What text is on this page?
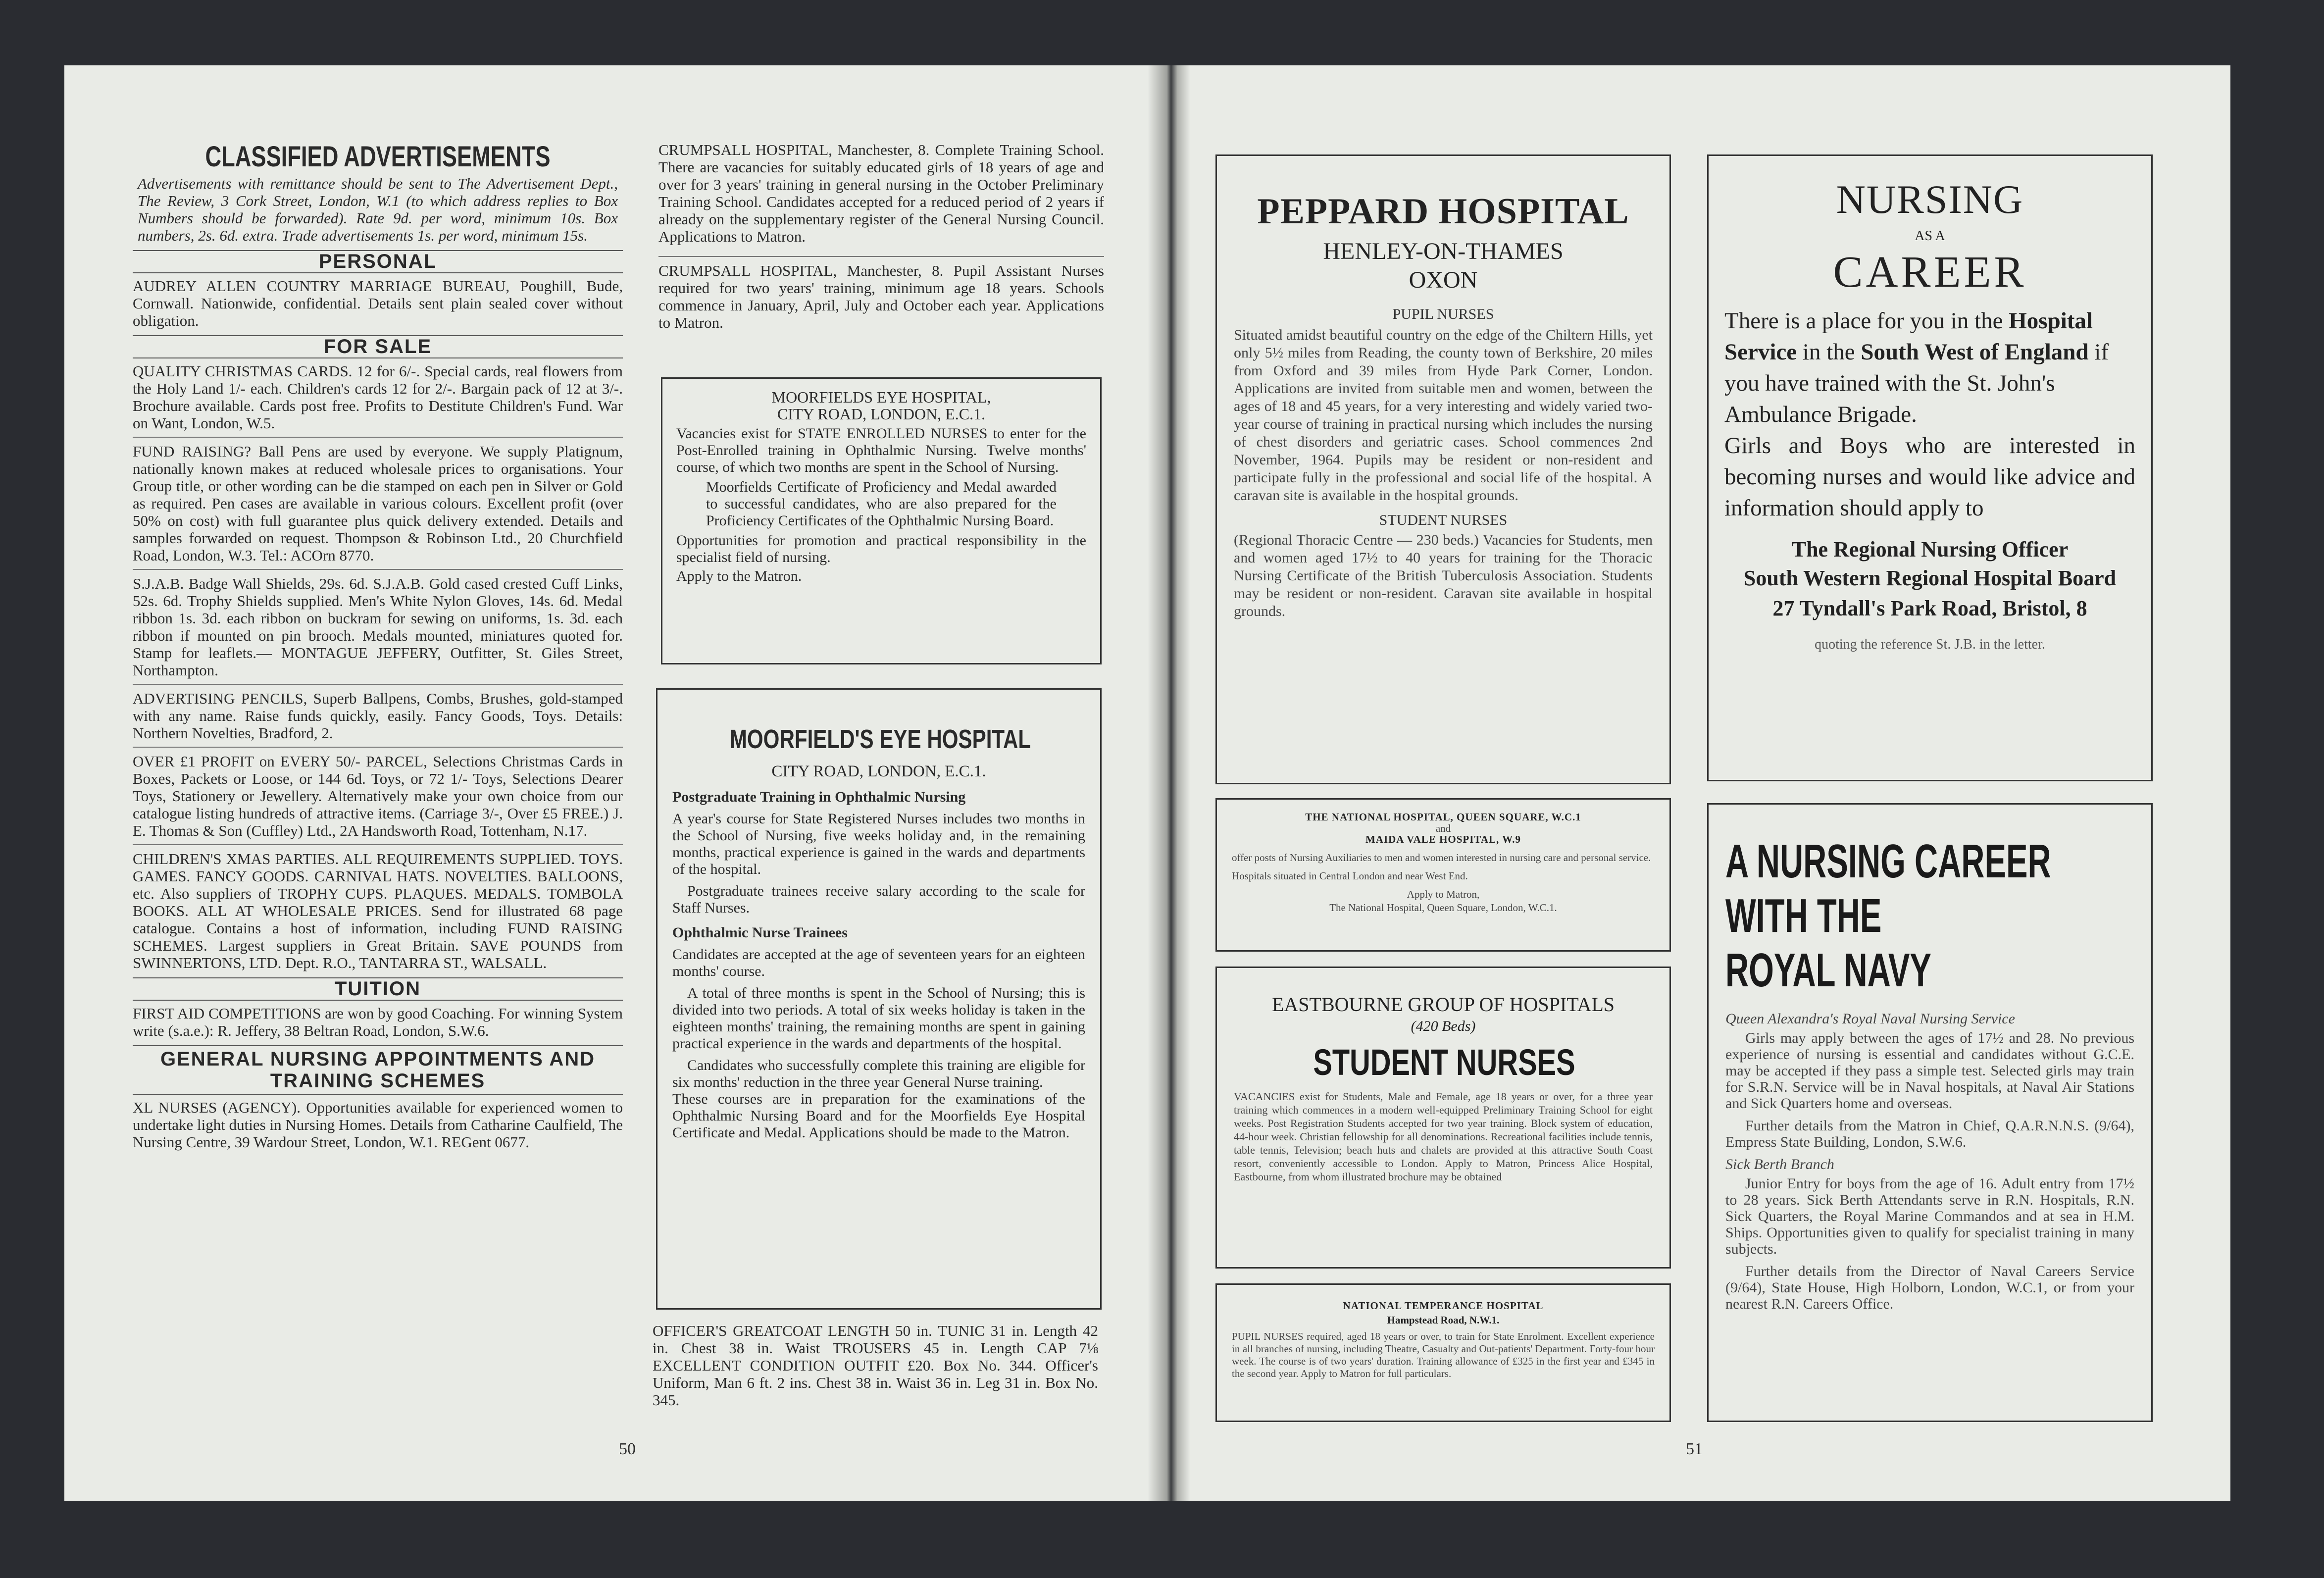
CLASSIFIED ADVERTISEMENTS

Advertisements with remittance should be sent to The Advertisement Dept., The Review, 3 Cork Street, London, W.1 (to which address replies to Box Numbers should be forwarded). Rate 9d. per word, minimum 10s. Box numbers, 2s. 6d. extra. Trade advertisements 1s. per word, minimum 15s.

PERSONAL

AUDREY ALLEN COUNTRY MARRIAGE BUREAU, Poughill, Bude, Cornwall. Nationwide, confidential. Details sent plain sealed cover without obligation.

FOR SALE

QUALITY CHRISTMAS CARDS. 12 for 6/-. Special cards, real flowers from the Holy Land 1/- each. Children's cards 12 for 2/-. Bargain pack of 12 at 3/-. Brochure available. Cards post free. Profits to Destitute Children's Fund. War on Want, London, W.5.

FUND RAISING? Ball Pens are used by everyone. We supply Platignum, nationally known makes at reduced wholesale prices to organisations. Your Group title, or other wording can be die stamped on each pen in Silver or Gold as required. Pen cases are available in various colours. Excellent profit (over 50% on cost) with full guarantee plus quick delivery extended. Details and samples forwarded on request. Thompson & Robinson Ltd., 20 Churchfield Road, London, W.3. Tel.: ACOrn 8770.

S.J.A.B. Badge Wall Shields, 29s. 6d. S.J.A.B. Gold cased crested Cuff Links, 52s. 6d. Trophy Shields supplied. Men's White Nylon Gloves, 14s. 6d. Medal ribbon 1s. 3d. each ribbon on buckram for sewing on uniforms, 1s. 3d. each ribbon if mounted on pin brooch. Medals mounted, miniatures quoted for. Stamp for leaflets.— MONTAGUE JEFFERY, Outfitter, St. Giles Street, Northampton.

ADVERTISING PENCILS, Superb Ballpens, Combs, Brushes, gold-stamped with any name. Raise funds quickly, easily. Fancy Goods, Toys. Details: Northern Novelties, Bradford, 2.

OVER £1 PROFIT on EVERY 50/- PARCEL, Selections Christmas Cards in Boxes, Packets or Loose, or 144 6d. Toys, or 72 1/- Toys, Selections Dearer Toys, Stationery or Jewellery. Alternatively make your own choice from our catalogue listing hundreds of attractive items. (Carriage 3/-, Over £5 FREE.) J. E. Thomas & Son (Cuffley) Ltd., 2A Handsworth Road, Tottenham, N.17.

CHILDREN'S XMAS PARTIES. ALL REQUIREMENTS SUPPLIED. TOYS. GAMES. FANCY GOODS. CARNIVAL HATS. NOVELTIES. BALLOONS, etc. Also suppliers of TROPHY CUPS. PLAQUES. MEDALS. TOMBOLA BOOKS. ALL AT WHOLESALE PRICES. Send for illustrated 68 page catalogue. Contains a host of information, including FUND RAISING SCHEMES. Largest suppliers in Great Britain. SAVE POUNDS from SWINNERTONS, LTD. Dept. R.O., TANTARRA ST., WALSALL.

TUITION

FIRST AID COMPETITIONS are won by good Coaching. For winning System write (s.a.e.): R. Jeffery, 38 Beltran Road, London, S.W.6.

GENERAL NURSING APPOINTMENTS AND TRAINING SCHEMES

XL NURSES (AGENCY). Opportunities available for experienced women to undertake light duties in Nursing Homes. Details from Catharine Caulfield, The Nursing Centre, 39 Wardour Street, London, W.1. REGent 0677.

CRUMPSALL HOSPITAL, Manchester, 8. Complete Training School. There are vacancies for suitably educated girls of 18 years of age and over for 3 years' training in general nursing in the October Preliminary Training School. Candidates accepted for a reduced period of 2 years if already on the supplementary register of the General Nursing Council. Applications to Matron.

CRUMPSALL HOSPITAL, Manchester, 8. Pupil Assistant Nurses required for two years' training, minimum age 18 years. Schools commence in January, April, July and October each year. Applications to Matron.

MOORFIELDS EYE HOSPITAL,

CITY ROAD, LONDON, E.C.1.

Vacancies exist for STATE ENROLLED NURSES to enter for the Post-Enrolled training in Ophthalmic Nursing. Twelve months' course, of which two months are spent in the School of Nursing.

Moorfields Certificate of Proficiency and Medal awarded to successful candidates, who are also prepared for the Proficiency Certificates of the Ophthalmic Nursing Board.

Opportunities for promotion and practical responsibility in the specialist field of nursing.

Apply to the Matron.

MOORFIELD'S EYE HOSPITAL

CITY ROAD, LONDON, E.C.1.

Postgraduate Training in Ophthalmic Nursing

A year's course for State Registered Nurses includes two months in the School of Nursing, five weeks holiday and, in the remaining months, practical experience is gained in the wards and departments of the hospital.

Postgraduate trainees receive salary according to the scale for Staff Nurses.

Ophthalmic Nurse Trainees

Candidates are accepted at the age of seventeen years for an eighteen months' course.

A total of three months is spent in the School of Nursing; this is divided into two periods. A total of six weeks holiday is taken in the eighteen months' training, the remaining months are spent in gaining practical experience in the wards and departments of the hospital.

Candidates who successfully complete this training are eligible for six months' reduction in the three year General Nurse training.

These courses are in preparation for the examinations of the Ophthalmic Nursing Board and for the Moorfields Eye Hospital Certificate and Medal. Applications should be made to the Matron.

OFFICER'S GREATCOAT LENGTH 50 in. TUNIC 31 in. Length 42 in. Chest 38 in. Waist TROUSERS 45 in. Length CAP 7⅛ EXCELLENT CONDITION OUTFIT £20. Box No. 344. Officer's Uniform, Man 6 ft. 2 ins. Chest 38 in. Waist 36 in. Leg 31 in. Box No. 345.

50

PEPPARD HOSPITAL

HENLEY-ON-THAMES

OXON

PUPIL NURSES

Situated amidst beautiful country on the edge of the Chiltern Hills, yet only 5½ miles from Reading, the county town of Berkshire, 20 miles from Oxford and 39 miles from Hyde Park Corner, London. Applications are invited from suitable men and women, between the ages of 18 and 45 years, for a very interesting and widely varied two-year course of training in practical nursing which includes the nursing of chest disorders and geriatric cases. School commences 2nd November, 1964. Pupils may be resident or non-resident and participate fully in the professional and social life of the hospital. A caravan site is available in the hospital grounds.

STUDENT NURSES

(Regional Thoracic Centre — 230 beds.) Vacancies for Students, men and women aged 17½ to 40 years for training for the Thoracic Nursing Certificate of the British Tuberculosis Association. Students may be resident or non-resident. Caravan site available in hospital grounds.

THE NATIONAL HOSPITAL, QUEEN SQUARE, W.C.1

and

MAIDA VALE HOSPITAL, W.9

offer posts of Nursing Auxiliaries to men and women interested in nursing care and personal service.

Hospitals situated in Central London and near West End.

Apply to Matron,

The National Hospital, Queen Square, London, W.C.1.

EASTBOURNE GROUP OF HOSPITALS

(420 Beds)

STUDENT NURSES

VACANCIES exist for Students, Male and Female, age 18 years or over, for a three year training which commences in a modern well-equipped Preliminary Training School for eight weeks. Post Registration Students accepted for two year training. Block system of education, 44-hour week. Christian fellowship for all denominations. Recreational facilities include tennis, table tennis, Television; beach huts and chalets are provided at this attractive South Coast resort, conveniently accessible to London. Apply to Matron, Princess Alice Hospital, Eastbourne, from whom illustrated brochure may be obtained

NATIONAL TEMPERANCE HOSPITAL

Hampstead Road, N.W.1.

PUPIL NURSES required, aged 18 years or over, to train for State Enrolment. Excellent experience in all branches of nursing, including Theatre, Casualty and Out-patients' Department. Forty-four hour week. The course is of two years' duration. Training allowance of £325 in the first year and £345 in the second year. Apply to Matron for full particulars.

NURSING

AS A

CAREER

There is a place for you in the Hospital Service in the South West of England if you have trained with the St. John's Ambulance Brigade.

Girls and Boys who are interested in becoming nurses and would like advice and information should apply to

The Regional Nursing Officer

South Western Regional Hospital Board

27 Tyndall's Park Road, Bristol, 8

quoting the reference St. J.B. in the letter.

A NURSING CAREER
WITH THE
ROYAL NAVY

Queen Alexandra's Royal Naval Nursing Service

Girls may apply between the ages of 17½ and 28. No previous experience of nursing is essential and candidates without G.C.E. may be accepted if they pass a simple test. Selected girls may train for S.R.N. Service will be in Naval hospitals, at Naval Air Stations and Sick Quarters home and overseas.

Further details from the Matron in Chief, Q.A.R.N.N.S. (9/64), Empress State Building, London, S.W.6.

Sick Berth Branch

Junior Entry for boys from the age of 16. Adult entry from 17½ to 28 years. Sick Berth Attendants serve in R.N. Hospitals, R.N. Sick Quarters, the Royal Marine Commandos and at sea in H.M. Ships. Opportunities given to qualify for specialist training in many subjects.

Further details from the Director of Naval Careers Service (9/64), State House, High Holborn, London, W.C.1, or from your nearest R.N. Careers Office.

51
